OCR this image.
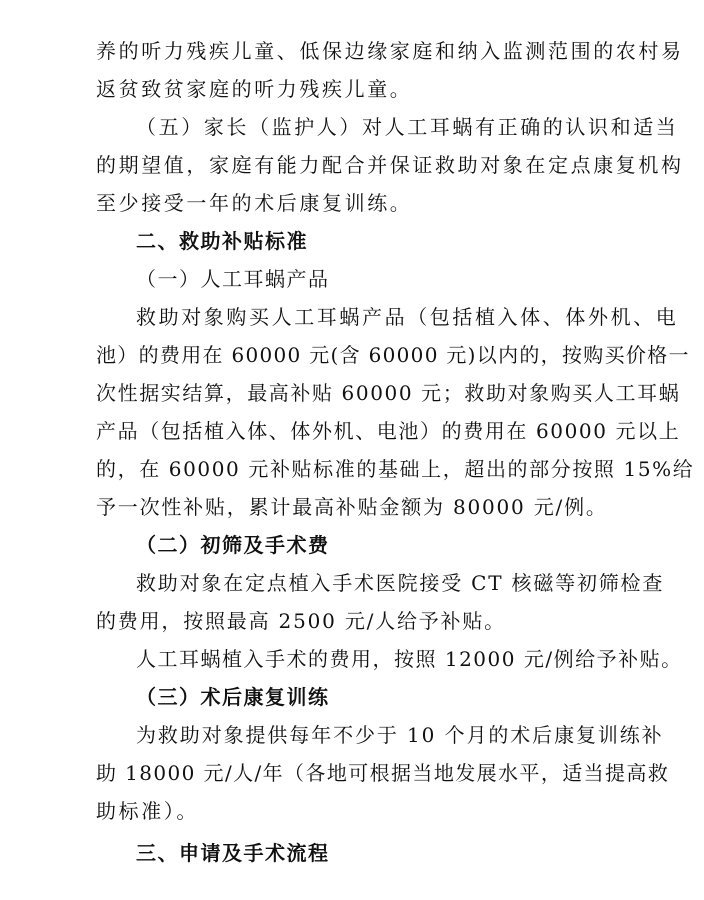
养的听力残疾儿童、低保边缘家庭和纳入监测范围的农村易
返贫致贫家庭的听力残疾儿童。
（五）家长（监护人）对人工耳蜗有正确的认识和适当
的期望值，家庭有能力配合并保证救助对象在定点康复机构
至少接受一年的术后康复训练。
二、救助补贴标准
（一）人工耳蜗产品
救助对象购买人工耳蜗产品（包括植入体、体外机、电
池）的费用在 60000 元(含 60000 元)以内的，按购买价格一
次性据实结算，最高补贴 60000 元；救助对象购买人工耳蜗
产品（包括植入体、体外机、电池）的费用在 60000 元以上
的，在 60000 元补贴标准的基础上，超出的部分按照 15%给
予一次性补贴，累计最高补贴金额为 80000 元/例。
（二）初筛及手术费
救助对象在定点植入手术医院接受 CT 核磁等初筛检查
的费用，按照最高 2500 元/人给予补贴。
人工耳蜗植入手术的费用，按照 12000 元/例给予补贴。
（三）术后康复训练
为救助对象提供每年不少于 10 个月的术后康复训练补
助 18000 元/人/年（各地可根据当地发展水平，适当提高救
助标准）。
三、申请及手术流程
